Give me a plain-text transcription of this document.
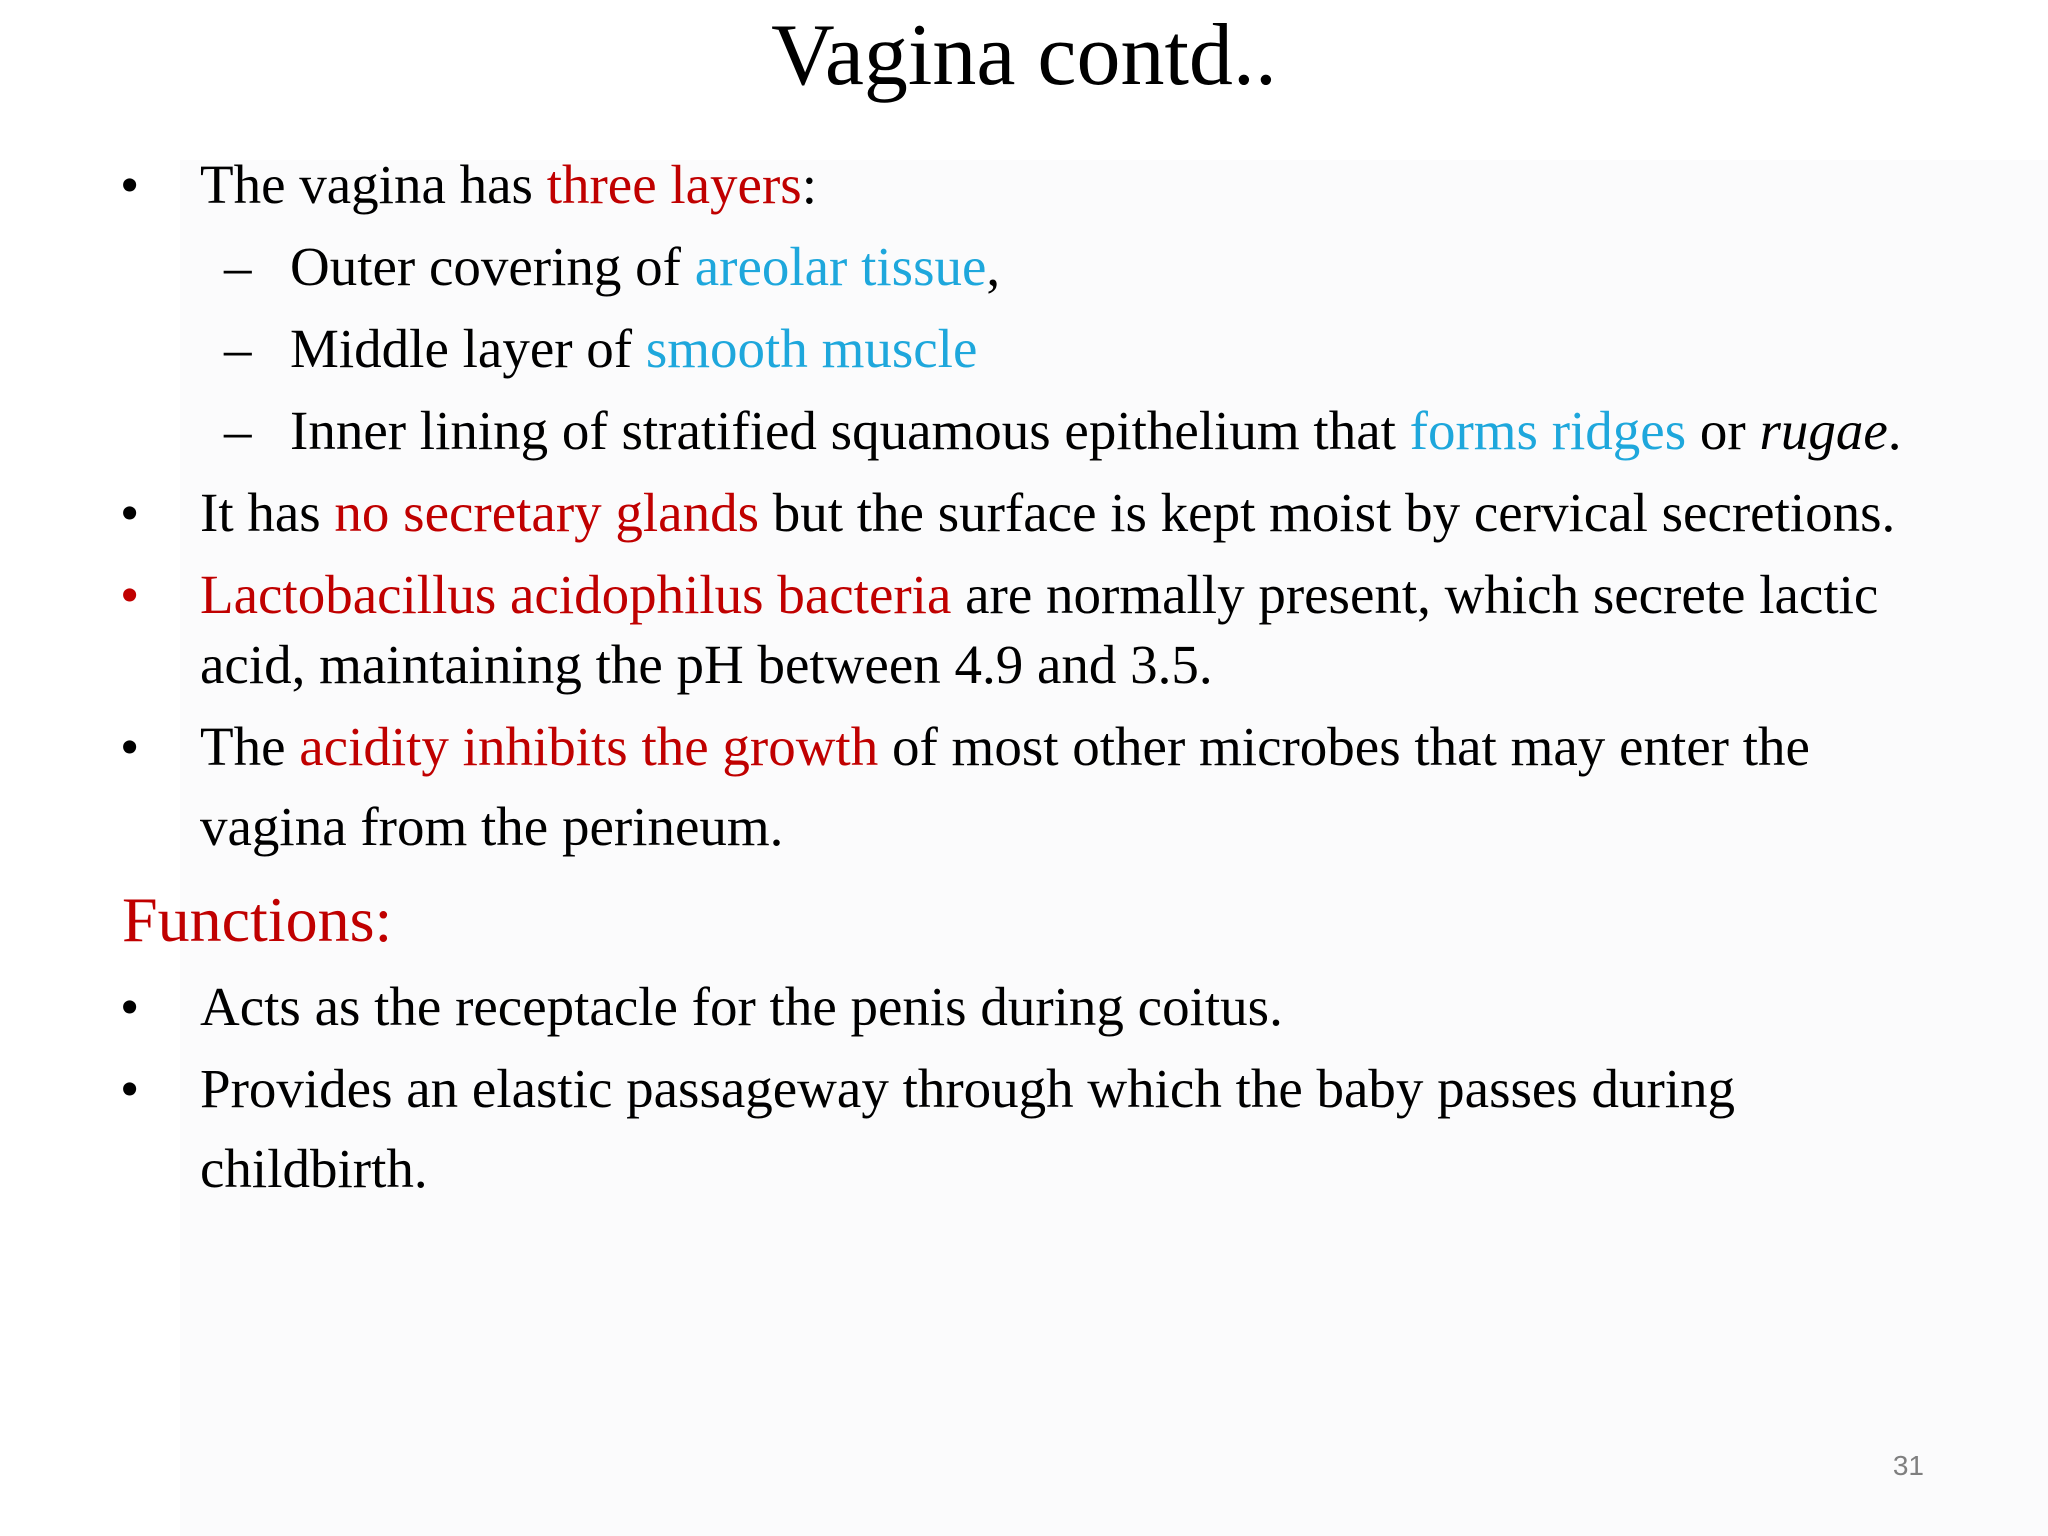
Vagina contd..
•	The vagina has three layers:
– Outer covering of areolar tissue,
– Middle layer of smooth muscle
– Inner lining of stratified squamous epithelium that forms ridges or rugae.
•	It has no secretary glands but the surface is kept moist by cervical secretions.
•	Lactobacillus acidophilus bacteria are normally present, which secrete lactic
acid, maintaining the pH between 4.9 and 3.5.
•	The acidity inhibits the growth of most other microbes that may enter the
vagina from the perineum.
Functions:
•	Acts as the receptacle for the penis during coitus.
•	Provides an elastic passageway through which the baby passes during
childbirth.
31
